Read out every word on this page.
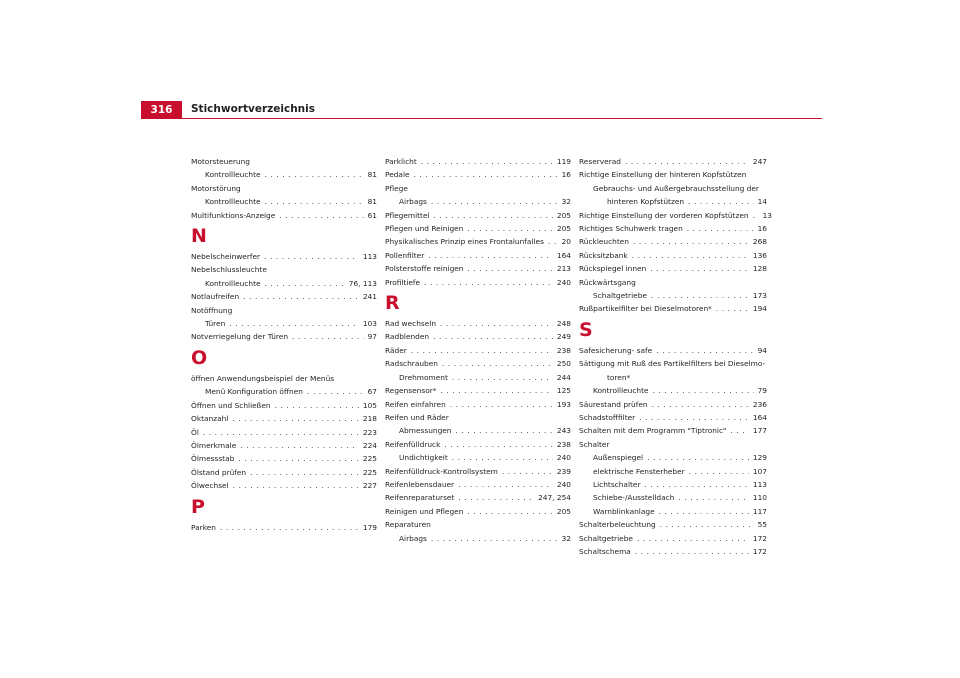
316	Stichwortverzeichnis
Motorsteuerung
Kontrollleuchte . . .	81
Motorstörung
Kontrollleuchte . . .	81
Multifunktions-Anzeige . . .	61
N
Nebelscheinwerfer . . .	113
Nebelschlussleuchte
Kontrollleuchte . . .	76, 113
Notlaufreifen . . .	241
Notöffnung
Türen . . .	103
Notverriegelung der Türen . . .	97
O
öffnen Anwendungsbeispiel der Menüs
Menü Konfiguration öffnen . . .	67
Öffnen und Schließen . . .	105
Oktanzahl . . .	218
Öl . . .	223
Ölmerkmale . . .	224
Ölmessstab . . .	225
Ölstand prüfen . . .	225
Ölwechsel . . .	227
P
Parken . . .	179
Parklicht . . .	119
Pedale . . .	16
Pflege
Airbags . . .	32
Pflegemittel . . .	205
Pflegen und Reinigen . . .	205
Physikalisches Prinzip eines Frontalunfalles . . . 20
Pollenfilter . . .	164
Polsterstoffe reinigen . . .	213
Profiltiefe . . .	240
R
Rad wechseln . . .	248
Radblenden . . .	249
Räder . . .	238
Radschrauben . . .	250
Drehmoment . . .	244
Regensensor* . . .	125
Reifen einfahren . . .	193
Reifen und Räder
Abmessungen . . .	243
Reifenfülldruck . . .	238
Undichtigkeit . . .	240
Reifenfülldruck-Kontrollsystem . . .	239
Reifenlebensdauer . . .	240
Reifenreparaturset . . .	247, 254
Reinigen und Pflegen . . .	205
Reparaturen
Airbags . . .	32
Reserverad . . .	247
Richtige Einstellung der hinteren Kopfstützen
Gebrauchs- und Außergebrauchsstellung der
hinteren Kopfstützen . . .	14
Richtige Einstellung der vorderen Kopfstützen . . . 13
Richtiges Schuhwerk tragen . . .	16
Rückleuchten . . .	268
Rücksitzbank . . .	136
Rückspiegel innen . . .	128
Rückwärtsgang
Schaltgetriebe . . .	173
Rußpartikelfilter bei Dieselmotoren* . . .	194
S
Safesicherung- safe . . .	94
Sättigung mit Ruß des Partikelfilters bei Dieselmo-
toren*
Kontrollleuchte . . .	79
Säurestand prüfen . . .	236
Schadstofffilter . . .	164
Schalten mit dem Programm "Tiptronic" . . .	177
Schalter
Außenspiegel . . .	129
elektrische Fensterheber . . .	107
Lichtschalter . . .	113
Schiebe-/Ausstelldach . . .	110
Warnblinkanlage . . .	117
Schalterbeleuchtung . . .	55
Schaltgetriebe . . .	172
Schaltschema . . .	172
